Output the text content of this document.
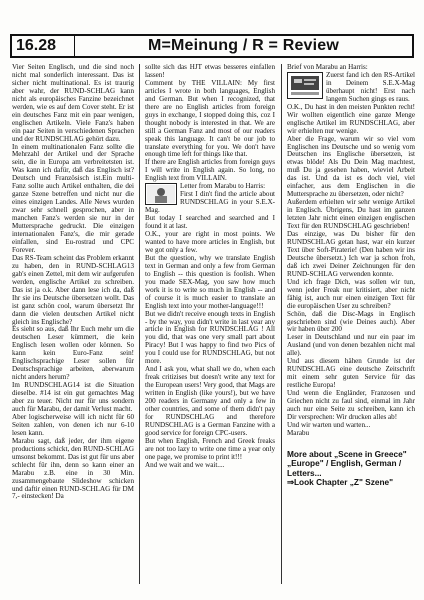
16.28	M=Meinung / R = Review

Vier Seiten Englisch, und die sind noch nicht mal sonderlich interessant. Das ist sicher nicht multinational. Es ist traurig aber wahr, der RUND-SCHLAG kann nicht als europäisches Fanzine bezeichnet werden, wie es auf dem Cover steht. Er ist ein deutsches Fanz mit ein paar wenigen, englischen Artikeln. Viele Fanz's haben ein paar Seiten in verschiedenen Sprachen und der RUNDSCHLAG gehört dazu.

In einem multinationalen Fanz sollte die Mehrzahl der Artikel und der Sprache sein, die in Europa am verbreitetsten ist. Was kann ich dafür, daß das Englisch ist? Deutsch und Französisch ist.Ein multi-Fanz sollte auch Artikel enthalten, die dei ganze Szene betreffen und nicht nur die eines einzigen Landes. Alle News wurden zwar sehr schnell gesprochen, aber in manchen Fanz's werden sie nur in der Muttersprache gedruckt. Die einzigen internationalen Fanz's, die mir gerade einfallen, sind Eu-rostrad und CPC Forever.

Das RS-Team scheint das Problem erkannt zu haben, den in RUND-SCHLAG13 gab's einen Zettel, mit dem wir aufgerufen werden, englische Artikel zu schreiben. Das ist ja o.k. Aber dann lese ich da, daß Ihr sie ins Deutsche übersetzen wollt. Das ist ganz schön cool, warum übersetzt Ihr dann die vielen deutschen Artikel nicht gleich ins Englische?

Es sieht so aus, daß Ihr Euch mehr um die deutschen Leser kümmert, die kein Englisch lesen wollen oder können. So kann kein Euro-Fanz sein! Englischsprachige Leser sollen für Deutschsprachige arbeiten, aberwarum nicht anders herum?

Im RUNDSCHLAG14 ist die Situation dieselbe. #14 ist ein gut gemachtes Mag aber zu teuer. Nicht nur für uns sondern auch für Marabu, der damit Verlust macht.

Aber logischerweise will ich nicht für 60 Seiten zahlen, von denen ich nur 6-10 lesen kann.

Marabu sagt, daß jeder, der ihm eigene productions schickt, den RUND-SCHLAG umsonst bekommt. Das ist gut für uns aber schlecht für ihn, denn so kann einer an Marabu z.B. eine in 30 Min. zusammengebaute Slideshow schicken und daftir einen RUND-SCHLAG für DM 7,- einstecken! Da

sollte sich das HJT etwas besseres einfallen lassen!

Comment by THE VILLAIN: My first articles I wrote in both languages, English and German. But when I recognized, that there are no English articles from foreign guys in exchange, I stopped doing this, coz I thought nobody is interested in that. We are still a German Fanz and most of our readers speak this language. It can't be our job to translate everything for you. We don't have enough time left for things like that.

If there are English articles from foreign guys I will write in English again. So long, no English text from VILLAIN.

Letter from Marabu to Harris:

First I din't find the article about RUNDSCHLAG in your S.E.X-Mag.

But today I searched and searched and I found it at last.

O.K., your are right in most points. We wanted to have more articles in English, but we got only a few.

But the question, why we translate English text in German and only a few from German to English -- this question is foolish. When you made SEX-Mag, you saw how much work it is to write so much in English -- and of course it is much easier to translate an English text into your mother-language!!!

But we didn't receive enough texts in English - by the way, you didn't write in last year any article in English for RUNDSCHLAG ! All you did, that was one very small part about Piracy! But I was happy to find two Pics of you I could use for RUNDSCHLAG, but not more.

And I ask you, what shall we do, when each freak critizises but doesn't write any text for the European users! Very good, that Mags are written in English (like yours!), but we have 200 readers in Germany and only a few in other countries, and some of them didn't pay for RUNDSCHLAG and therefore RUNDSCHLAG is a German Fanzine with a good service for foreign CPC-users.

But when English, French and Greek freaks are not too lazy to write one time a year only one page, we promise to print it!!!

And we wait and we wait....

Brief von Marabu an Harris:

Zuerst fand ich den RS-Artikel in Deinem S.E.X-Mag überhaupt nicht! Erst nach langem Suchen gings es raus.

O.K., Du hast in den meisten Punkten recht! Wir wollten eigentlich eine ganze Menge englische Artikel im RUNDSCHLAG, aber wir erhielten nur wenige.

Aber die Frage, warum wir so viel vom Englischen ins Deutsche und so wenig vom Deutschen ins Englische übersetzen, ist etwas blöde! Als Du Dein Mag machtest, muß Du ja gesehen haben, wieviel Arbeit das ist. Und da ist es doch viel, viel einfacher, aus dem Englischen in die Muttersprache zu übersetzen, oder nicht?

Außerdem erhielten wir sehr wenige Artikel in Englisch. Übrigens, Du hast im ganzen letzten Jahr nicht einen einzigen englischen Text für den RUNDSCHLAG geschrieben!

Das einzige, was Du bisher für den RUNDSCHLAG getan hast, war ein kurzer Text über Soft-Piraterie! (Den haben wir ins Deutsche übersetzt.) Ich war ja schon froh, daß ich zwei Deiner Zeichnungen für den RUND-SCHLAG verwenden konnte.

Und ich frage Dich, was sollen wir tun, wenn jeder Freak nur kritisiert, aber nicht fähig ist, auch nur einen einzigen Text für die europäischen User zu schreiben?

Schön, daß die Disc-Mags in Englisch geschrieben sind (wie Deines auch). Aber wir haben über 200

Leser in Deutschland und nur ein paar im Ausland (und von denen bezahlen nicht mal alle).

Und aus diesem hähen Grunde ist der RUNDSCHLAG eine deutsche Zeitschrift mit einem sehr guten Service für das restliche Europa!

Und wenn die Engländer, Franzosen und Griechen nicht zu faul sind, einmal im Jahr auch nur eine Seite zu schreiben, kann ich Dir versprechen: Wir drucken alles ab!

Und wir warten und warten...

Marabu

More about „Scene in Greece"
„Europe" / English, German / Letters...
⇒Look Chapter „Z" Szene"
